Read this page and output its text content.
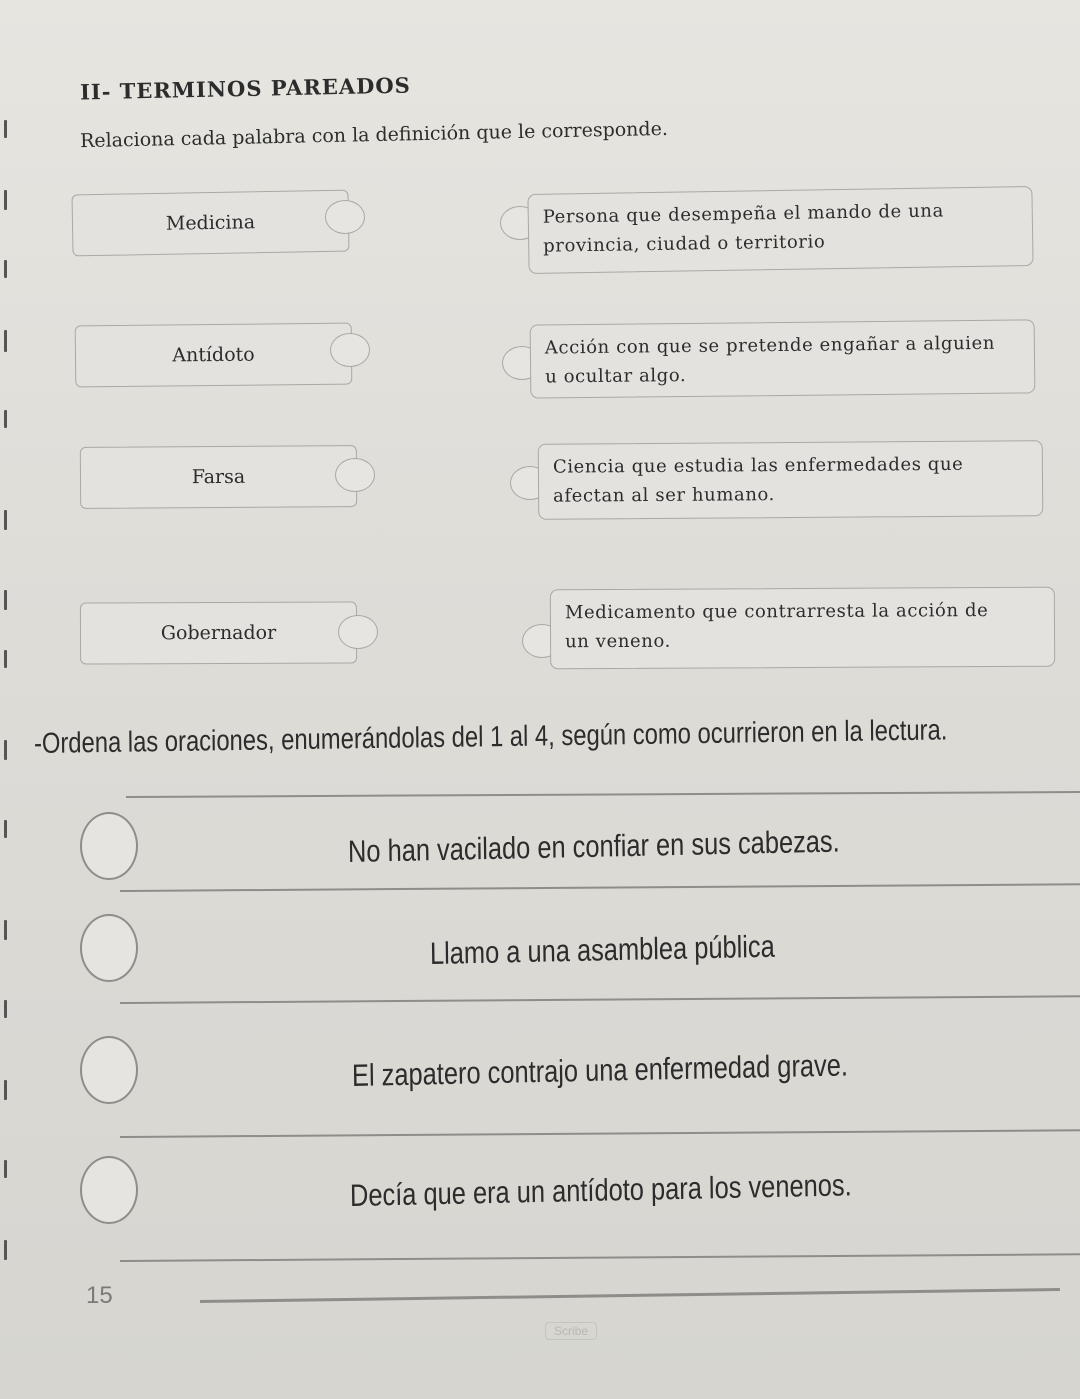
II- TERMINOS PAREADOS
Relaciona cada palabra con la definición que le corresponde.
Medicina
Antídoto
Farsa
Gobernador
Persona que desempeña el mando de una
provincia, ciudad o territorio
Acción con que se pretende engañar a alguien
u ocultar algo.
Ciencia que estudia las enfermedades que
afectan al ser humano.
Medicamento que contrarresta la acción de
un veneno.
-Ordena las oraciones, enumerándolas del 1 al 4, según como ocurrieron en la lectura.
No han vacilado en confiar en sus cabezas.
Llamo a una asamblea pública
El zapatero contrajo una enfermedad grave.
Decía que era un antídoto para los venenos.
15
Scribe
